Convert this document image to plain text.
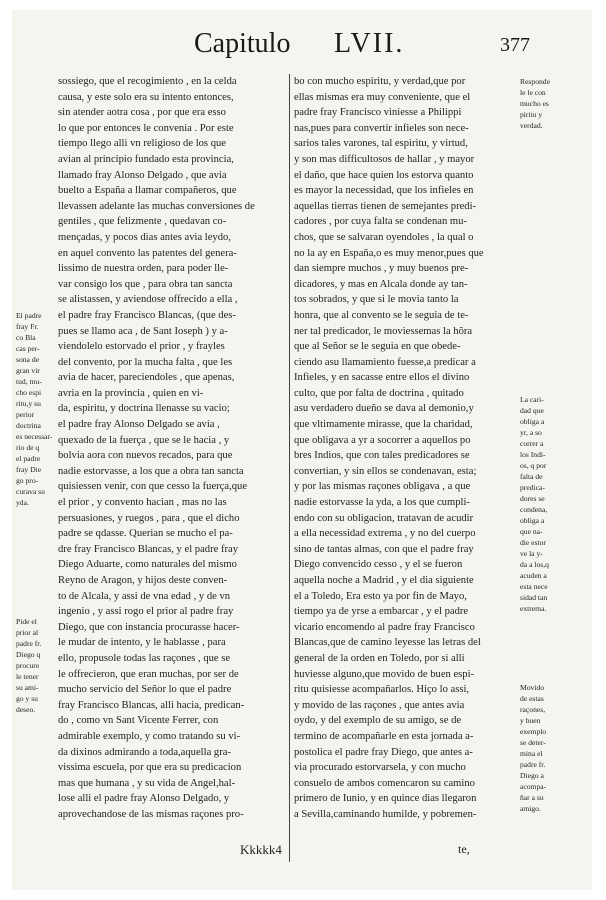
Capitulo LVII.	377
El padre
fray Fr.
co Bla
cas per-
sona de
gran vir
tud, mu-
cho espi
ritu,y su
perior
doctrina
es necessar-
rio de q
el padre
fray Die
go pro-
curava su
yda.
Pide el
prior al
padre fr.
Diego q
procure
le tener
su ami-
go y su
deseo.
sossiego, que el recogimiento , en la celda
causa, y este solo era su intento entonces,
sin atender aotra cosa , por que era esso
lo que por entonces le convenia . Por este
tiempo llego alli vn religioso de los que
avian al principio fundado esta provincia,
llamado fray Alonso Delgado , que avia
buelto a España a llamar compañeros, que
llevassen adelante las muchas conversiones de
gentiles , que felizmente , quedavan co-
mençadas, y pocos dias antes avia leydo,
en aquel convento las patentes del genera-
lissimo de nuestra orden, para poder lle-
var consigo los que , para obra tan sancta
se alistassen, y aviendose offrecido a ella ,
el padre fray Francisco Blancas, (que des-
pues se llamo aca , de Sant Ioseph ) y a-
viendolelo estorvado el prior , y frayles
del convento, por la mucha falta , que les
avia de hacer, pareciendoles , que apenas,
avria en la provincia , quien en vi-
da, espiritu, y doctrina llenasse su vacio;
el padre fray Alonso Delgado se avia ,
quexado de la fuerça , que se le hacia , y
bolvia aora con nuevos recados, para que
nadie estorvasse, a los que a obra tan sancta
quisiessen venir, con que cesso la fuerça,que
el prior , y convento hacian , mas no las
persuasiones, y ruegos , para , que el dicho
padre se qdasse. Querian se mucho el pa-
dre fray Francisco Blancas, y el padre fray
Diego Aduarte, como naturales del mismo
Reyno de Aragon, y hijos deste conven-
to de Alcala, y assi de vna edad , y de vn
ingenio , y assi rogo el prior al padre fray
Diego, que con instancia procurasse hacer-
le mudar de intento, y le hablasse , para
ello, propusole todas las raçones , que se
le offrecieron, que eran muchas, por ser de
mucho servicio del Señor lo que el padre
fray Francisco Blancas, alli hacia, predican-
do , como vn Sant Vicente Ferrer, con
admirable exemplo, y como tratando su vi-
da dixinos admirando a toda,aquella gra-
vissima escuela, por que era su predicacion
mas que humana , y su vida de Angel,hal-
lose alli el padre fray Alonso Delgado, y
aprovechandose de las mismas raçones pro-
bo con mucho espiritu, y verdad,que por
ellas mismas era muy conveniente, que el
padre fray Francisco viniesse a Philippi
nas,pues para convertir infieles son nece-
sarios tales varones, tal espiritu, y virtud,
y son mas difficultosos de hallar , y mayor
el daño, que hace quien los estorva quanto
es mayor la necessidad, que los infieles en
aquellas tierras tienen de semejantes predi-
cadores , por cuya falta se condenan mu-
chos, que se salvaran oyendoles , la qual o
no la ay en España,o es muy menor,pues que
dan siempre muchos , y muy buenos pre-
dicadores, y mas en Alcala donde ay tan-
tos sobrados, y que si le movia tanto la
honra, que al convento se le seguia de te-
ner tal predicador, le moviessemas la hõra
que al Señor se le seguia en que obede-
ciendo asu llamamiento fuesse,a predicar a
Infieles, y en sacasse entre ellos el divino
culto, que por falta de doctrina , quitado
asu verdadero dueño se dava al demonio,y
que vltimamente mirasse, que la charidad,
que obligava a yr a socorrer a aquellos po
bres Indios, que con tales predicadores se
convertian, y sin ellos se condenavan, esta;
y por las mismas raçones obligava , a que
nadie estorvasse la yda, a los que cumpli-
endo con su obligacion, tratavan de acudir
a ella necessidad extrema , y no del cuerpo
sino de tantas almas, con que el padre fray
Diego convencido cesso , y el se fueron
aquella noche a Madrid , y el dia siguiente
el a Toledo, Era esto ya por fin de Mayo,
tiempo ya de yrse a embarcar , y el padre
vicario encomendo al padre fray Francisco
Blancas,que de camino leyesse las letras del
general de la orden en Toledo, por si alli
huviesse alguno,que movido de buen espi-
ritu quisiesse acompañarlos. Hiço lo assi,
y movido de las raçones , que antes avia
oydo, y del exemplo de su amigo, se de
termino de acompañarle en esta jornada a-
postolica el padre fray Diego, que antes a-
via procurado estorvarsela, y con mucho
consuelo de ambos comencaron su camino
primero de Iunio, y en quince dias llegaron
a Sevilla,caminando humilde, y pobremen-
Responde
le le con
mucho es
piritu y
verdad.
La cari-
dad que
obliga a
yr, a so
correr a
los Indi-
os, q por
falta de
predica-
dores se
condena,
obliga a
que na-
die estor
ve la y-
da a los,q
acuden a
esta nece
sidad tan
extrema.
Movido
de estas
raçones,
y buen
exemplo
se deter-
mina el
padre fr.
Diego a
acompa-
ñar a su
amigo.
Kkkkk4	te,
